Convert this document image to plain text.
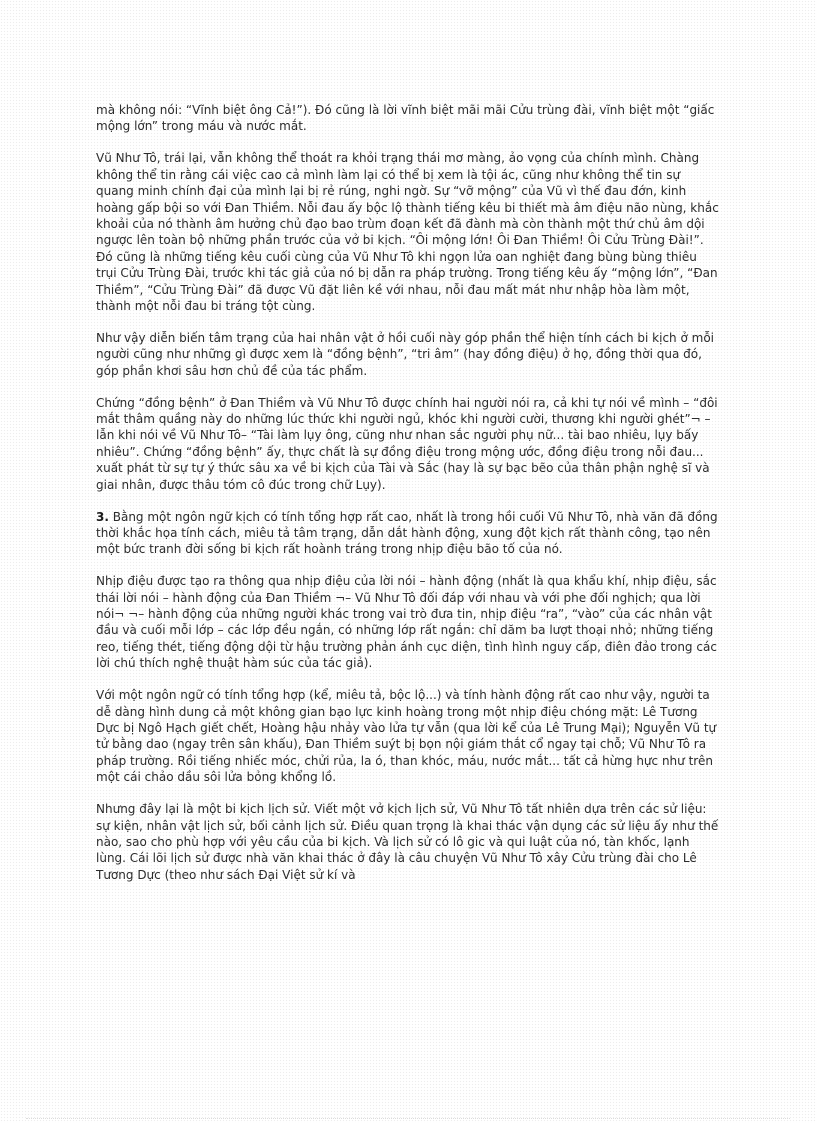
mà không nói: “Vĩnh biệt ông Cả!”). Đó cũng là lời vĩnh biệt mãi mãi Cửu trùng đài, vĩnh biệt một “giấc mộng lớn” trong máu và nước mắt.

Vũ Như Tô, trái lại, vẫn không thể thoát ra khỏi trạng thái mơ màng, ảo vọng của chính mình. Chàng không thể tin rằng cái việc cao cả mình làm lại có thể bị xem là tội ác, cũng như không thể tin sự quang minh chính đại của mình lại bị rẻ rúng, nghi ngờ. Sự “vỡ mộng” của Vũ vì thế đau đớn, kinh hoàng gấp bội so với Đan Thiềm. Nỗi đau ấy bộc lộ thành tiếng kêu bi thiết mà âm điệu não nùng, khắc khoải của nó thành âm hưởng chủ đạo bao trùm đoạn kết đã đành mà còn thành một thứ chủ âm dội ngược lên toàn bộ những phần trước của vở bi kịch. “Ôi mộng lớn! Ôi Đan Thiềm! Ôi Cửu Trùng Đài!”. Đó cũng là những tiếng kêu cuối cùng của Vũ Như Tô khi ngọn lửa oan nghiệt đang bùng bùng thiêu trụi Cửu Trùng Đài, trước khi tác giả của nó bị dẫn ra pháp trường. Trong tiếng kêu ấy “mộng lớn”, “Đan Thiềm”, “Cửu Trùng Đài” đã được Vũ đặt liên kề với nhau, nỗi đau mất mát như nhập hòa làm một, thành một nỗi đau bi tráng tột cùng.

Như vậy diễn biến tâm trạng của hai nhân vật ở hồi cuối này góp phần thể hiện tính cách bi kịch ở mỗi người cũng như những gì được xem là “đồng bệnh”, “tri âm” (hay đồng điệu) ở họ, đồng thời qua đó, góp phần khơi sâu hơn chủ đề của tác phẩm.

Chứng “đồng bệnh” ở Đan Thiềm và Vũ Như Tô được chính hai người nói ra, cả khi tự nói về mình – “đôi mắt thâm quầng này do những lúc thức khi người ngủ, khóc khi người cười, thương khi người ghét”¬ – lẫn khi nói về Vũ Như Tô– “Tài làm lụy ông, cũng như nhan sắc người phụ nữ... tài bao nhiêu, lụy bấy nhiêu”. Chứng “đồng bệnh” ấy, thực chất là sự đồng điệu trong mộng ước, đồng điệu trong nỗi đau... xuất phát từ sự tự ý thức sâu xa về bi kịch của Tài và Sắc (hay là sự bạc bẽo của thân phận nghệ sĩ và giai nhân, được thâu tóm cô đúc trong chữ Lụy).

3. Bằng một ngôn ngữ kịch có tính tổng hợp rất cao, nhất là trong hồi cuối Vũ Như Tô, nhà văn đã đồng thời khắc họa tính cách, miêu tả tâm trạng, dẫn dắt hành động, xung đột kịch rất thành công, tạo nên một bức tranh đời sống bi kịch rất hoành tráng trong nhịp điệu bão tố của nó.

Nhịp điệu được tạo ra thông qua nhịp điệu của lời nói – hành động (nhất là qua khẩu khí, nhịp điệu, sắc thái lời nói – hành động của Đan Thiềm ¬– Vũ Như Tô đối đáp với nhau và với phe đối nghịch; qua lời nói¬ ¬– hành động của những người khác trong vai trò đưa tin, nhịp điệu “ra”, “vào” của các nhân vật đầu và cuối mỗi lớp – các lớp đều ngắn, có những lớp rất ngắn: chỉ dăm ba lượt thoại nhỏ; những tiếng reo, tiếng thét, tiếng động dội từ hậu trường phản ánh cục diện, tình hình nguy cấp, điên đảo trong các lời chú thích nghệ thuật hàm súc của tác giả).

Với một ngôn ngữ có tính tổng hợp (kể, miêu tả, bộc lộ...) và tính hành động rất cao như vậy, người ta dễ dàng hình dung cả một không gian bạo lực kinh hoàng trong một nhịp điệu chóng mặt: Lê Tương Dực bị Ngô Hạch giết chết, Hoàng hậu nhảy vào lửa tự vẫn (qua lời kể của Lê Trung Mại); Nguyễn Vũ tự tử bằng dao (ngay trên sân khấu), Đan Thiềm suýt bị bọn nội giám thắt cổ ngay tại chỗ; Vũ Như Tô ra pháp trường. Rồi tiếng nhiếc móc, chửi rủa, la ó, than khóc, máu, nước mắt... tất cả hừng hực như trên một cái chảo dầu sôi lửa bỏng khổng lồ.

Nhưng đây lại là một bi kịch lịch sử. Viết một vở kịch lịch sử, Vũ Như Tô tất nhiên dựa trên các sử liệu: sự kiện, nhân vật lịch sử, bối cảnh lịch sử. Điều quan trọng là khai thác vận dụng các sử liệu ấy như thế nào, sao cho phù hợp với yêu cầu của bi kịch. Và lịch sử có lô gic và qui luật của nó, tàn khốc, lạnh lùng. Cái lõi lịch sử được nhà văn khai thác ở đây là câu chuyện Vũ Như Tô xây Cửu trùng đài cho Lê Tương Dực (theo như sách Đại Việt sử kí và
